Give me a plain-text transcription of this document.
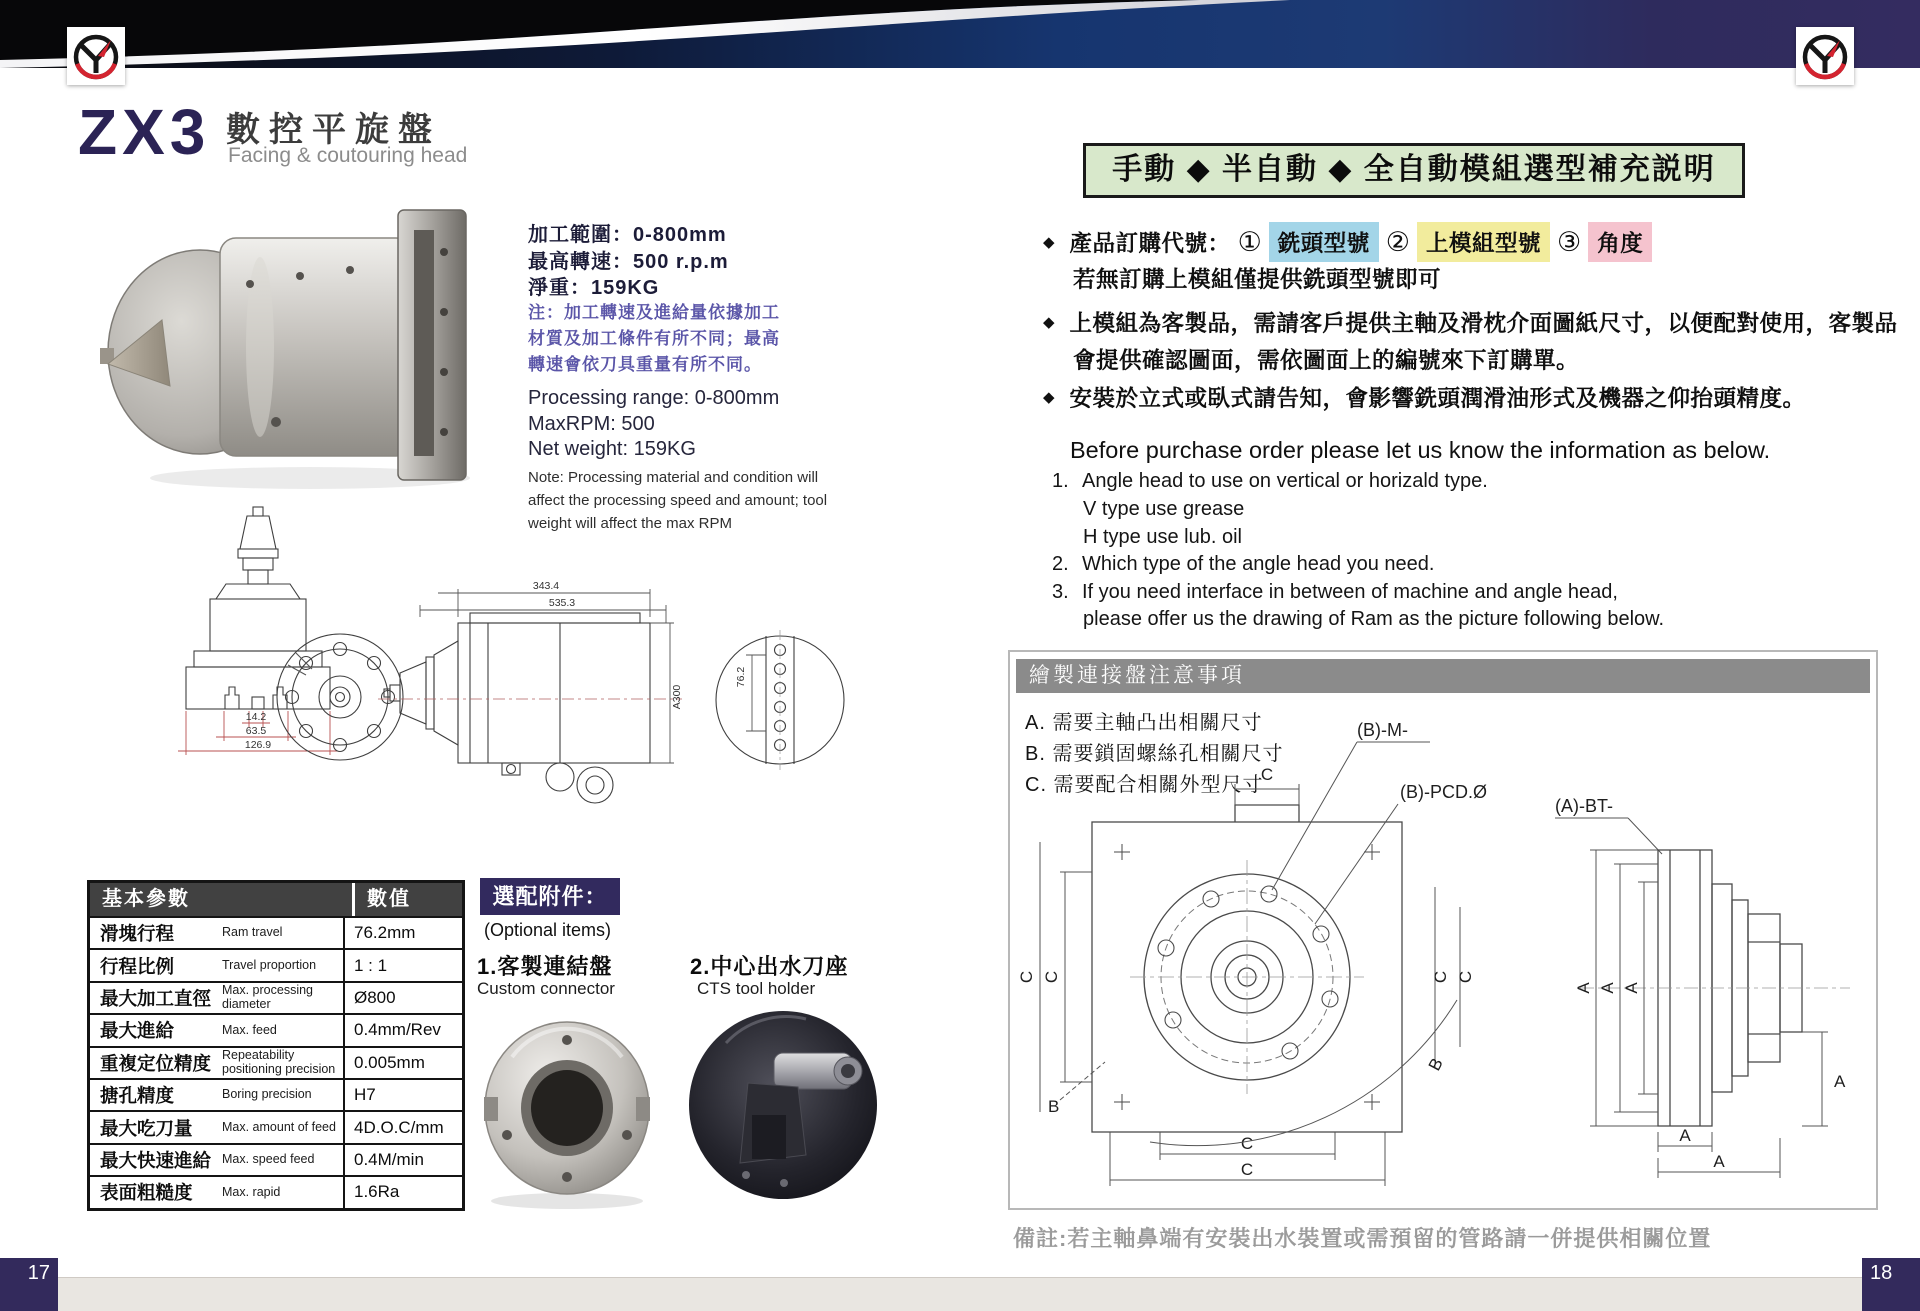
ZX3 數控平旋盤
Facing & coutouring head
加工範圍：0-800mm
最高轉速：500 r.p.m
淨重：159KG
注：加工轉速及進給量依據加工
材質及加工條件有所不同；最高
轉速會依刀具重量有所不同。
Processing range: 0-800mm
MaxRPM: 500
Net weight: 159KG
Note: Processing material and condition will
affect the processing speed and amount; tool
weight will affect the max RPM
14.2
63.5
126.9
343.4
535.3
A300
76.2
基本參數	數值
滑塊行程	Ram travel	76.2mm
行程比例	Travel proportion	1 : 1
最大加工直徑 Max. processing diameter	Ø800
最大進給	Max. feed	0.4mm/Rev
重複定位精度 Repeatability positioning precision	0.005mm
搪孔精度	Boring precision	H7
最大吃刀量	Max. amount of feed	4D.O.C/mm
最大快速進給 Max. speed feed	0.4M/min
表面粗糙度	Max. rapid	1.6Ra
選配附件：
(Optional items)
1.客製連結盤
Custom connector
2.中心出水刀座
CTS tool holder
手動 ◆ 半自動 ◆ 全自動模組選型補充説明
◆ 產品訂購代號： ① 銑頭型號 ② 上模組型號 ③ 角度
若無訂購上模組僅提供銑頭型號即可
◆ 上模組為客製品，需請客戶提供主軸及滑枕介面圖紙尺寸，以便配對使用，客製品
會提供確認圖面，需依圖面上的編號來下訂購單。
◆ 安裝於立式或臥式請告知，會影響銑頭潤滑油形式及機器之仰抬頭精度。
Before purchase order please let us know the information as below.
1. Angle head to use on vertical or horizald type.
V type use grease
H type use lub. oil
2. Which type of the angle head you need.
3. If you need interface in between of machine and angle head,
please offer us the drawing of Ram as the picture following below.
繪製連接盤注意事項
A. 需要主軸凸出相關尺寸
B. 需要鎖固螺絲孔相關尺寸
C. 需要配合相關外型尺寸
C
(B)-M-
(B)-PCD.Ø
C
C
B
C C
C
C
B
(A)-BT-
A A A
A
A
A
備註:若主軸鼻端有安裝出水裝置或需預留的管路請一併提供相關位置
17	18
